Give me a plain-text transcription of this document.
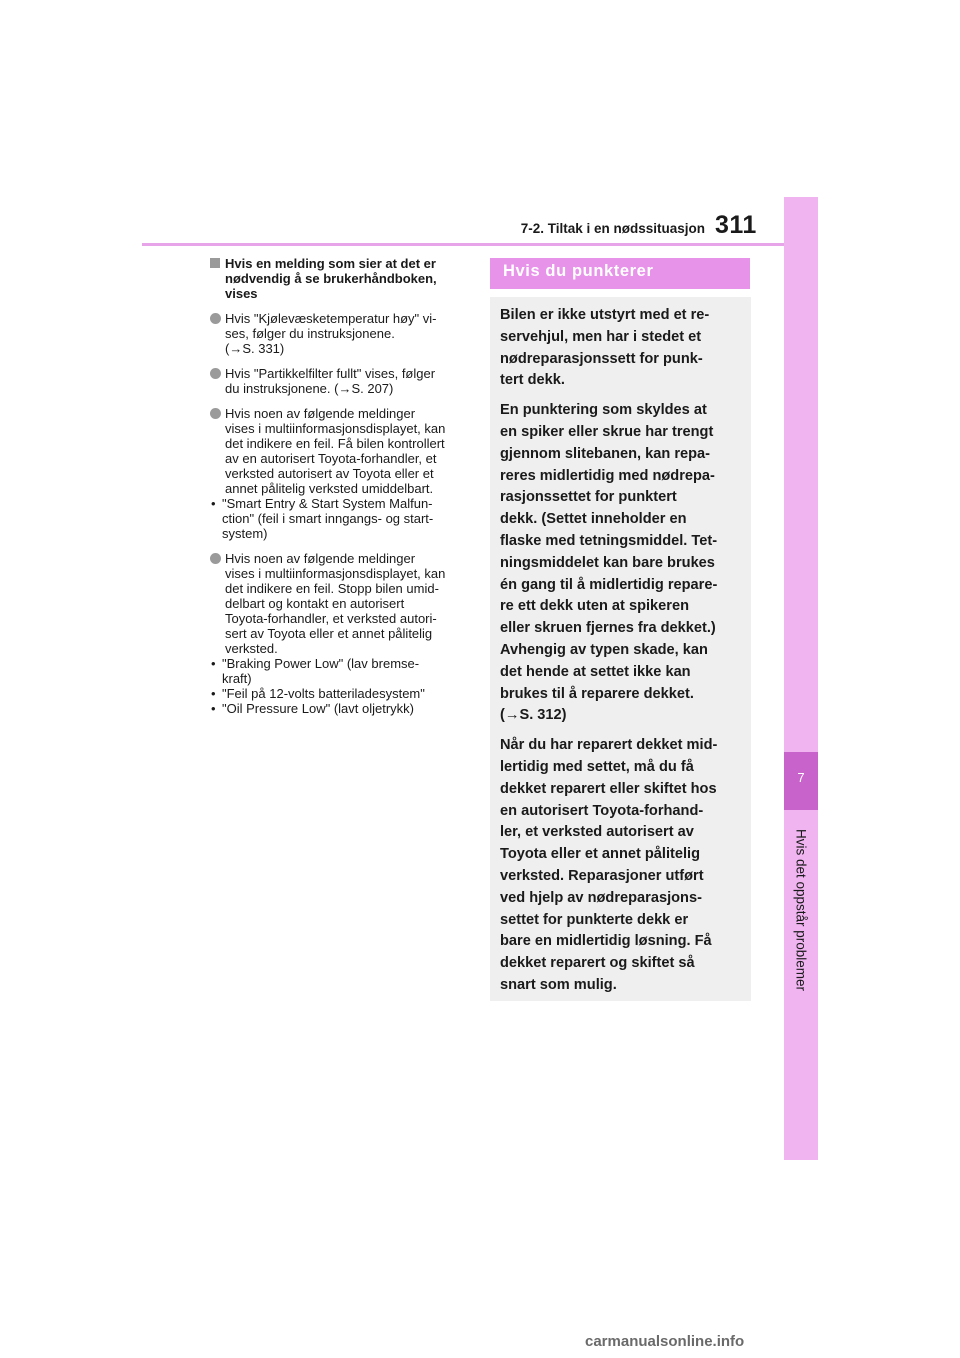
7-2. Tiltak i en nødssituasjon 311
7
Hvis det oppstår problemer
Hvis en melding som sier at det er
nødvendig å se brukerhåndboken,
vises
Hvis "Kjølevæsketemperatur høy" vi-
ses, følger du instruksjonene.
(→S. 331)
Hvis "Partikkelfilter fullt" vises, følger
du instruksjonene. (→S. 207)
Hvis noen av følgende meldinger
vises i multiinformasjonsdisplayet, kan
det indikere en feil. Få bilen kontrollert
av en autorisert Toyota-forhandler, et
verksted autorisert av Toyota eller et
annet pålitelig verksted umiddelbart.
• "Smart Entry & Start System Malfun-
ction" (feil i smart inngangs- og start-
system)
Hvis noen av følgende meldinger
vises i multiinformasjonsdisplayet, kan
det indikere en feil. Stopp bilen umid-
delbart og kontakt en autorisert
Toyota-forhandler, et verksted autori-
sert av Toyota eller et annet pålitelig
verksted.
• "Braking Power Low" (lav bremse-
kraft)
• "Feil på 12-volts batteriladesystem"
• "Oil Pressure Low" (lavt oljetrykk)
Hvis du punkterer

Bilen er ikke utstyrt med et re-
servehjul, men har i stedet et
nødreparasjonssett for punk-
tert dekk.

En punktering som skyldes at
en spiker eller skrue har trengt
gjennom slitebanen, kan repa-
reres midlertidig med nødrepa-
rasjonssettet for punktert
dekk. (Settet inneholder en
flaske med tetningsmiddel. Tet-
ningsmiddelet kan bare brukes
én gang til å midlertidig repare-
re ett dekk uten at spikeren
eller skruen fjernes fra dekket.)
Avhengig av typen skade, kan
det hende at settet ikke kan
brukes til å reparere dekket.
(→S. 312)

Når du har reparert dekket mid-
lertidig med settet, må du få
dekket reparert eller skiftet hos
en autorisert Toyota-forhand-
ler, et verksted autorisert av
Toyota eller et annet pålitelig
verksted. Reparasjoner utført
ved hjelp av nødreparasjons-
settet for punkterte dekk er
bare en midlertidig løsning. Få
dekket reparert og skiftet så
snart som mulig.

carmanualsonline.info
